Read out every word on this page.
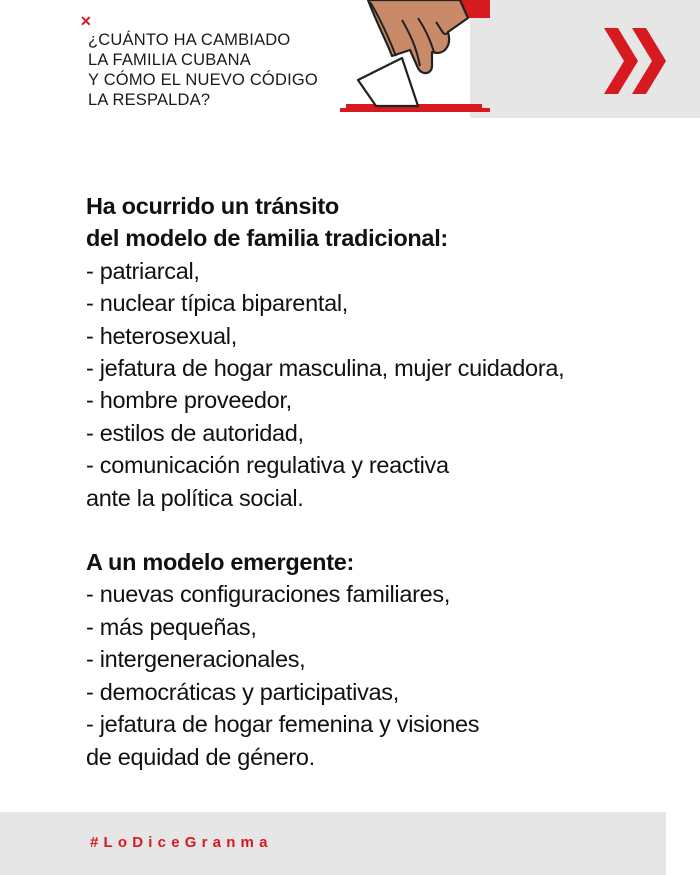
✕
¿CUÁNTO HA CAMBIADO
LA FAMILIA CUBANA
Y CÓMO EL NUEVO CÓDIGO
LA RESPALDA?
Ha ocurrido un tránsito
del modelo de familia tradicional:
- patriarcal,
- nuclear típica biparental,
- heterosexual,
- jefatura de hogar masculina, mujer cuidadora,
- hombre proveedor,
- estilos de autoridad,
- comunicación regulativa y reactiva
ante la política social.
A un modelo emergente:
- nuevas configuraciones familiares,
- más pequeñas,
- intergeneracionales,
- democráticas y participativas,
- jefatura de hogar femenina y visiones
de equidad de género.
#LoDiceGranma
